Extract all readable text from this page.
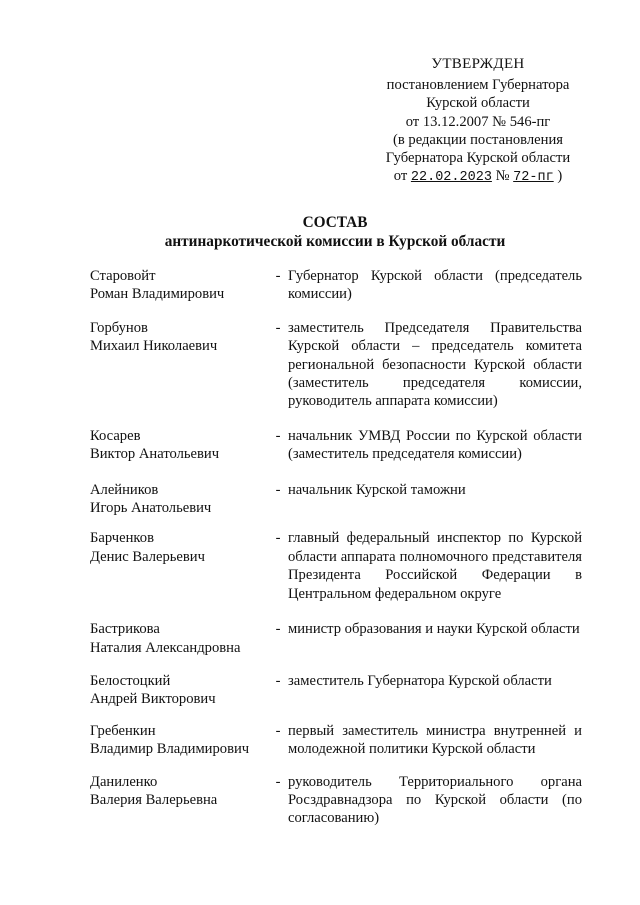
УТВЕРЖДЕН
постановлением Губернатора
Курской области
от 13.12.2007 № 546-пг
(в редакции постановления
Губернатора Курской области
от 22.02.2023 № 72-пг )
СОСТАВ
антинаркотической комиссии в Курской области
Старовойт
Роман Владимирович
- Губернатор Курской области (председатель комиссии)
Горбунов
Михаил Николаевич
- заместитель Председателя Правительства Курской области – председатель комитета региональной безопасности Курской области (заместитель председателя комиссии, руководитель аппарата комиссии)
Косарев
Виктор Анатольевич
- начальник УМВД России по Курской области (заместитель председателя комиссии)
Алейников
Игорь Анатольевич
- начальник Курской таможни
Барченков
Денис Валерьевич
- главный федеральный инспектор по Курской области аппарата полномочного представителя Президента Российской Федерации в Центральном федеральном округе
Бастрикова
Наталия Александровна
- министр образования и науки Курской области
Белостоцкий
Андрей Викторович
- заместитель Губернатора Курской области
Гребенкин
Владимир Владимирович
- первый заместитель министра внутренней и молодежной политики Курской области
Даниленко
Валерия Валерьевна
- руководитель Территориального органа Росздравнадзора по Курской области (по согласованию)
